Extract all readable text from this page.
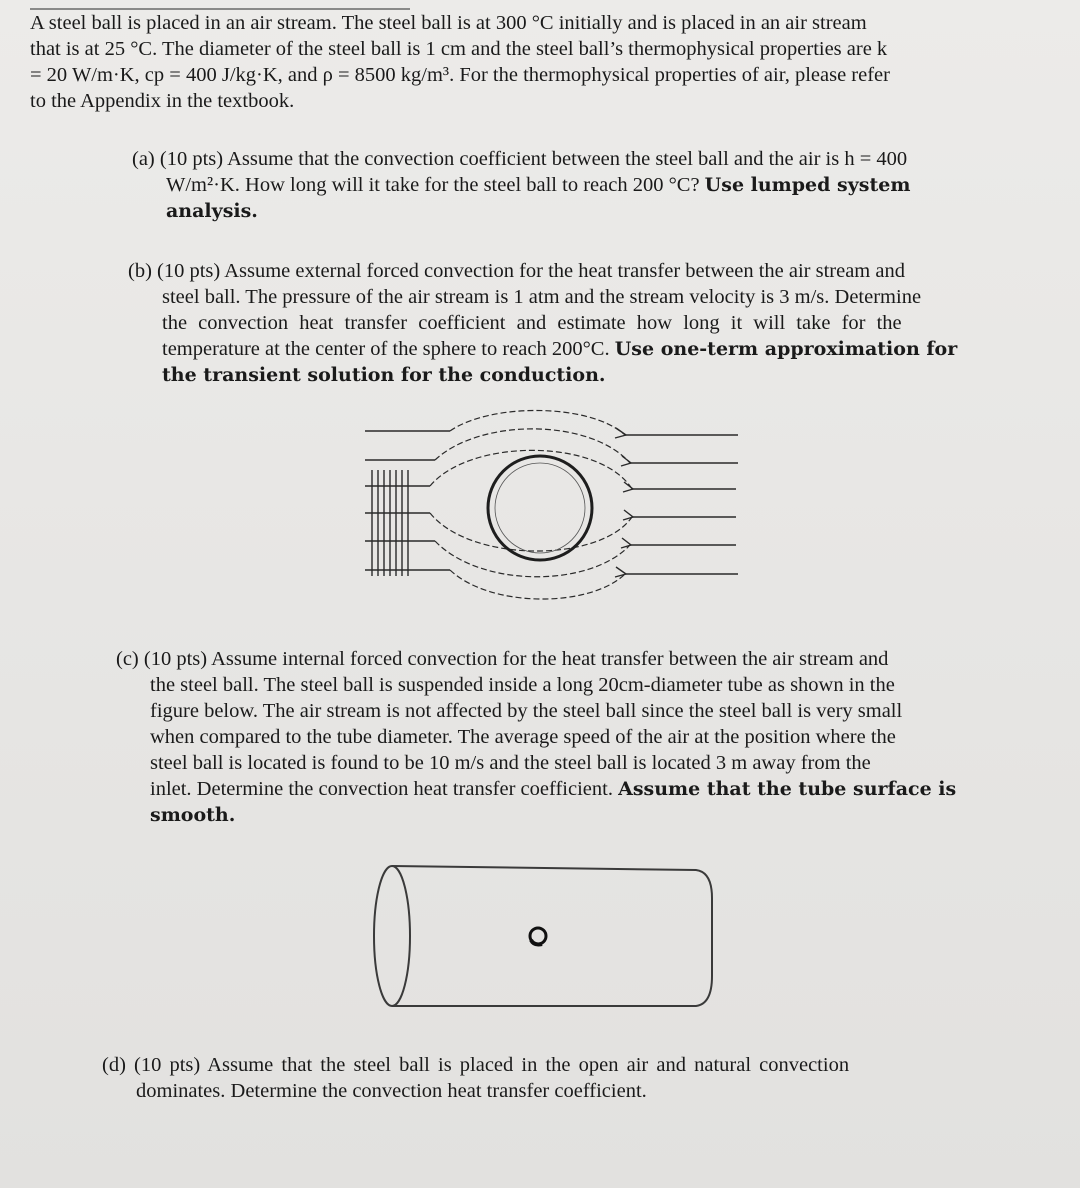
A steel ball is placed in an air stream. The steel ball is at 300 °C initially and is placed in an air stream
that is at 25 °C. The diameter of the steel ball is 1 cm and the steel ball’s thermophysical properties are k
= 20 W/m·K, cp = 400 J/kg·K, and ρ = 8500 kg/m³. For the thermophysical properties of air, please refer
to the Appendix in the textbook.
(a) (10 pts) Assume that the convection coefficient between the steel ball and the air is h = 400
W/m²·K. How long will it take for the steel ball to reach 200 °C? Use lumped system
analysis.
(b) (10 pts) Assume external forced convection for the heat transfer between the air stream and
steel ball. The pressure of the air stream is 1 atm and the stream velocity is 3 m/s. Determine
the convection heat transfer coefficient and estimate how long it will take for the
temperature at the center of the sphere to reach 200°C. Use one-term approximation for
the transient solution for the conduction.
(c) (10 pts) Assume internal forced convection for the heat transfer between the air stream and
the steel ball. The steel ball is suspended inside a long 20cm-diameter tube as shown in the
figure below. The air stream is not affected by the steel ball since the steel ball is very small
when compared to the tube diameter. The average speed of the air at the position where the
steel ball is located is found to be 10 m/s and the steel ball is located 3 m away from the
inlet. Determine the convection heat transfer coefficient. Assume that the tube surface is
smooth.
(d) (10 pts) Assume that the steel ball is placed in the open air and natural convection
dominates. Determine the convection heat transfer coefficient.
